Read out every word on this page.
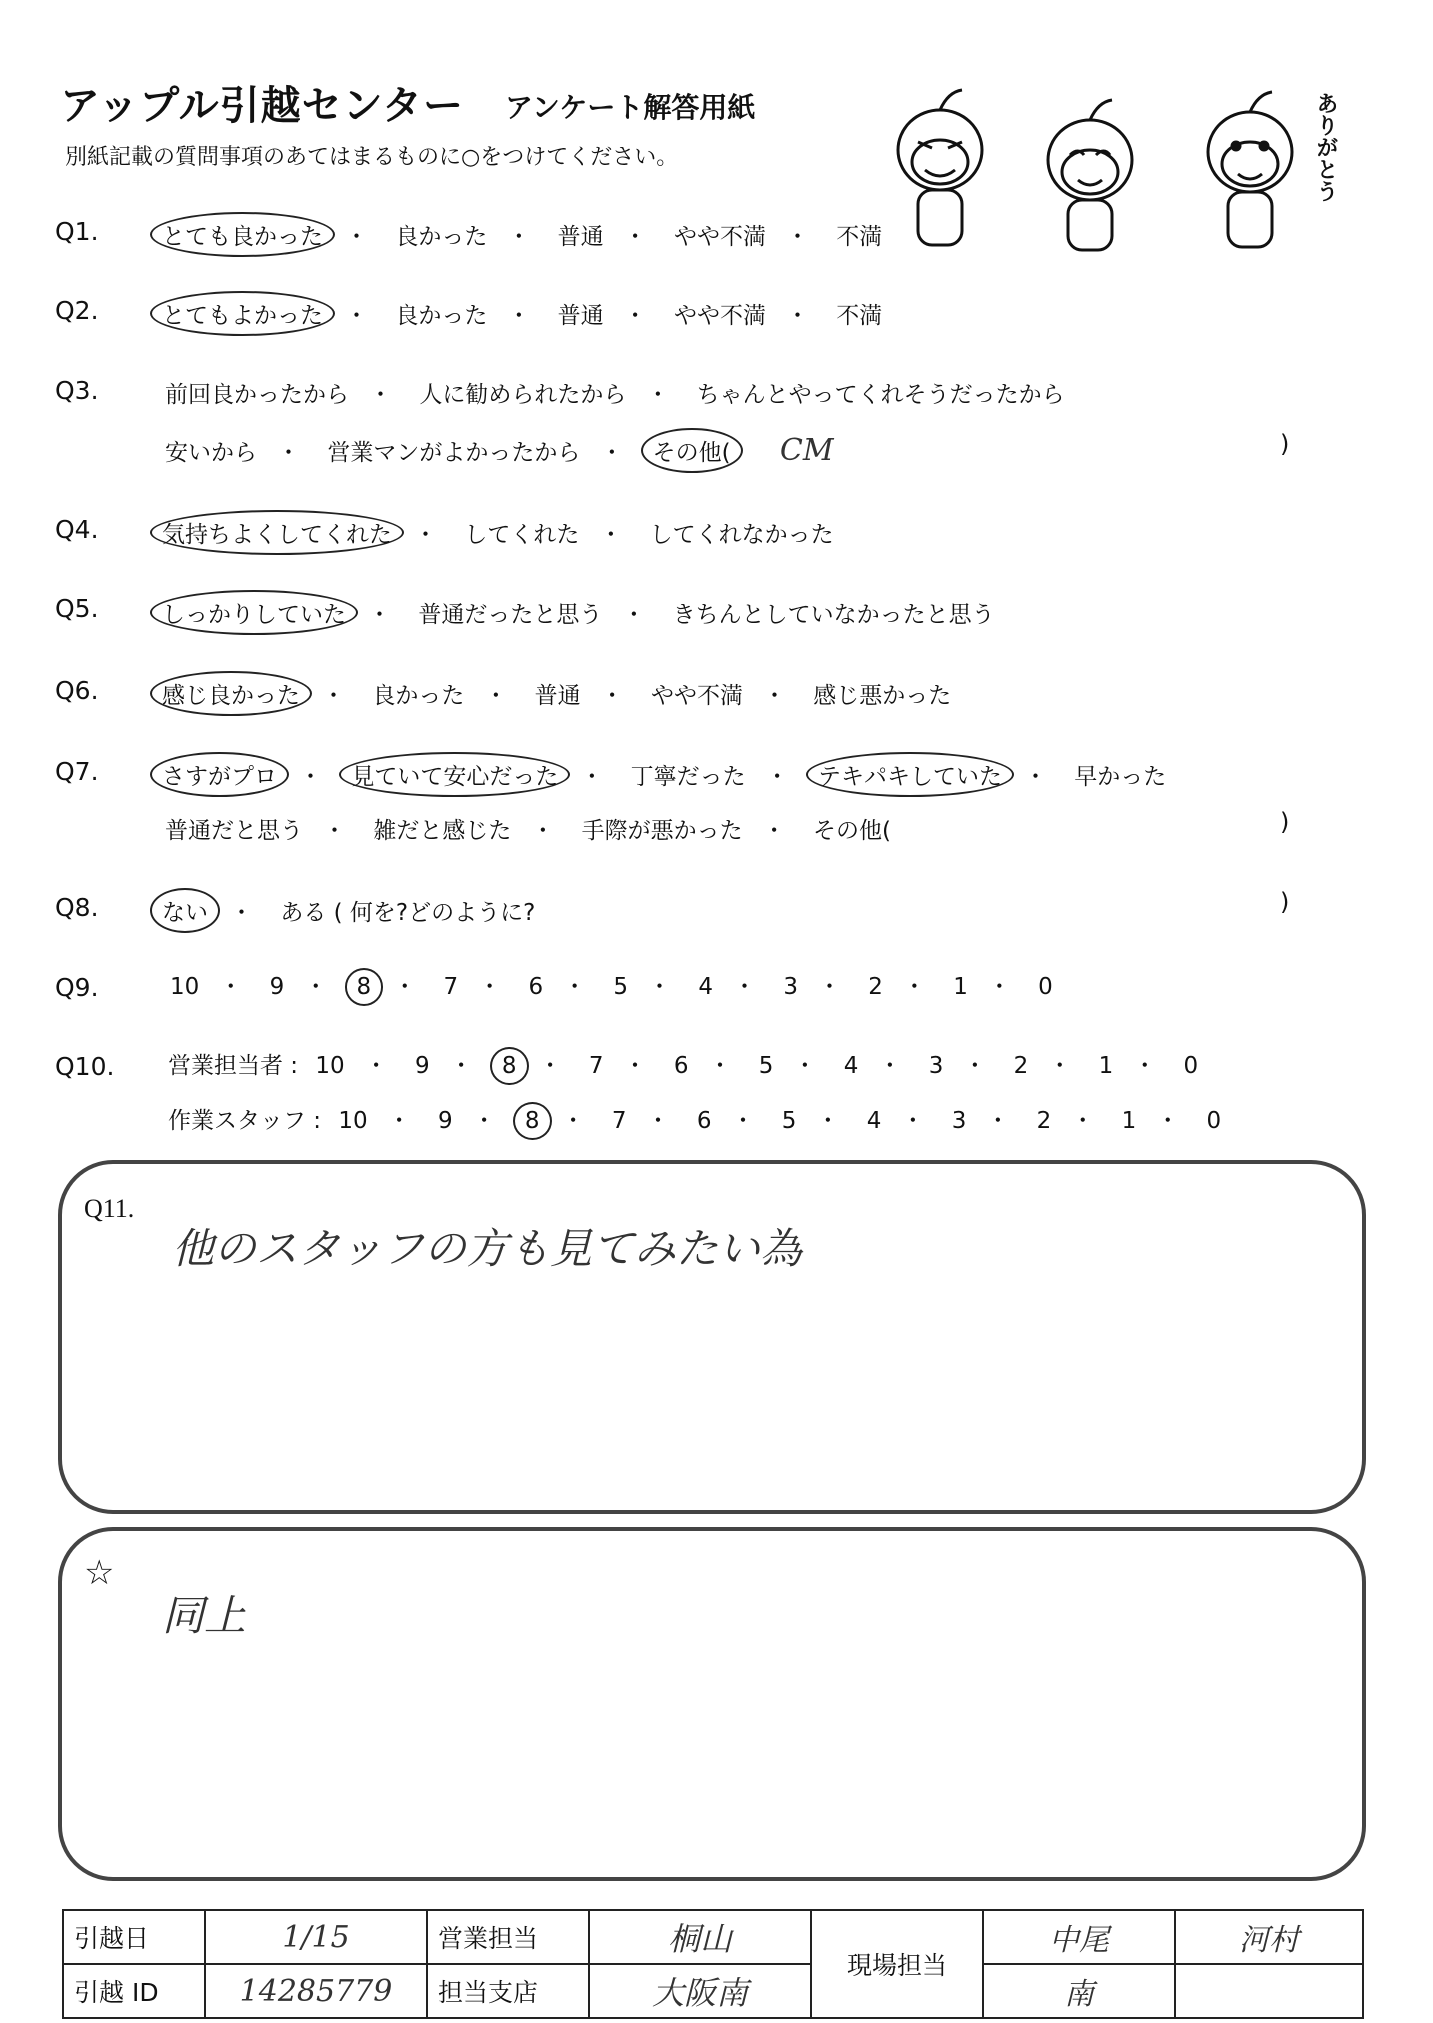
アップル引越センター アンケート解答用紙
別紙記載の質問事項のあてはまるものに○をつけてください。	ありがとう
Q1.	とても良かった ・ 良かった ・ 普通 ・ やや不満 ・ 不満
Q2.	とてもよかった ・ 良かった ・ 普通 ・ やや不満 ・ 不満
Q3.	前回良かったから ・ 人に勧められたから ・ ちゃんとやってくれそうだったから
安いから ・ 営業マンがよかったから ・ その他( CM	)
Q4.	気持ちよくしてくれた ・ してくれた ・ してくれなかった
Q5.	しっかりしていた ・ 普通だったと思う ・ きちんとしていなかったと思う
Q6.	感じ良かった ・ 良かった ・ 普通 ・ やや不満 ・ 感じ悪かった
Q7.	さすがプロ ・ 見ていて安心だった ・ 丁寧だった ・ テキパキしていた ・ 早かった
普通だと思う ・ 雑だと感じた ・ 手際が悪かった ・ その他(	)
Q8.	ない ・ ある ( 何を?どのように?	)
Q9.	10 ・ 9 ・ 8 ・ 7 ・ 6 ・ 5 ・ 4 ・ 3 ・ 2 ・ 1 ・ 0
Q10. 営業担当者 : 10 ・ 9 ・ 8 ・ 7 ・ 6 ・ 5 ・ 4 ・ 3 ・ 2 ・ 1 ・ 0
作業スタッフ : 10 ・ 9 ・ 8 ・ 7 ・ 6 ・ 5 ・ 4 ・ 3 ・ 2 ・ 1 ・ 0
Q11.
他のスタッフの方も見てみたい為
☆
同上
引越日	1/15	営業担当	桐山	現場担当	中尾	河村
引越 ID	14285779	担当支店	大阪南		南	
